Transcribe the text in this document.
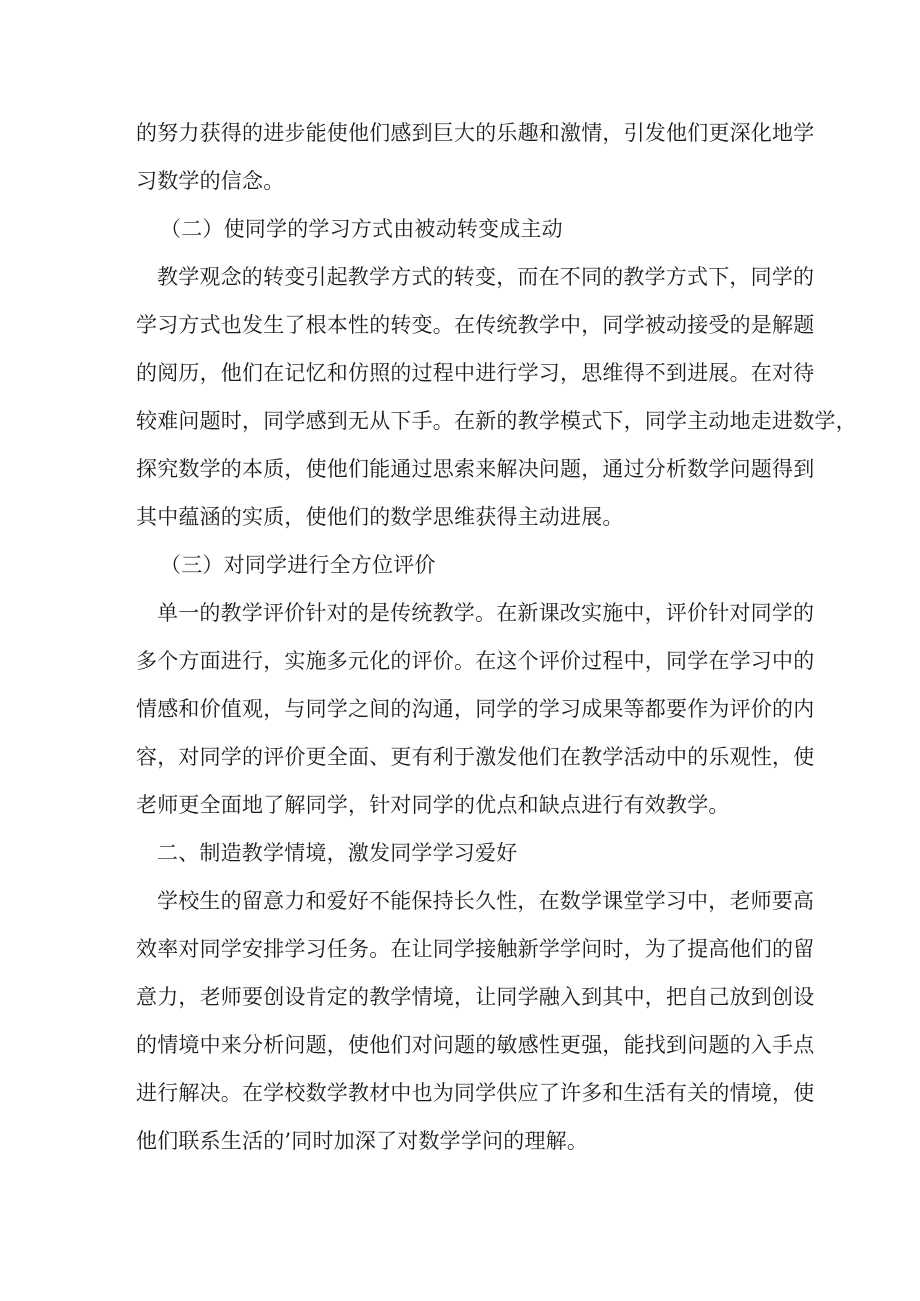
的努力获得的进步能使他们感到巨大的乐趣和激情，引发他们更深化地学
习数学的信念。
（二）使同学的学习方式由被动转变成主动
教学观念的转变引起教学方式的转变，而在不同的教学方式下，同学的
学习方式也发生了根本性的转变。在传统教学中，同学被动接受的是解题
的阅历，他们在记忆和仿照的过程中进行学习，思维得不到进展。在对待
较难问题时，同学感到无从下手。在新的教学模式下，同学主动地走进数学，
探究数学的本质，使他们能通过思索来解决问题，通过分析数学问题得到
其中蕴涵的实质，使他们的数学思维获得主动进展。
（三）对同学进行全方位评价
单一的教学评价针对的是传统教学。在新课改实施中，评价针对同学的
多个方面进行，实施多元化的评价。在这个评价过程中，同学在学习中的
情感和价值观，与同学之间的沟通，同学的学习成果等都要作为评价的内
容，对同学的评价更全面、更有利于激发他们在教学活动中的乐观性，使
老师更全面地了解同学，针对同学的优点和缺点进行有效教学。
二、制造教学情境，激发同学学习爱好
学校生的留意力和爱好不能保持长久性，在数学课堂学习中，老师要高
效率对同学安排学习任务。在让同学接触新学学问时，为了提高他们的留
意力，老师要创设肯定的教学情境，让同学融入到其中，把自己放到创设
的情境中来分析问题，使他们对问题的敏感性更强，能找到问题的入手点
进行解决。在学校数学教材中也为同学供应了许多和生活有关的情境，使
他们联系生活的’同时加深了对数学学问的理解。
